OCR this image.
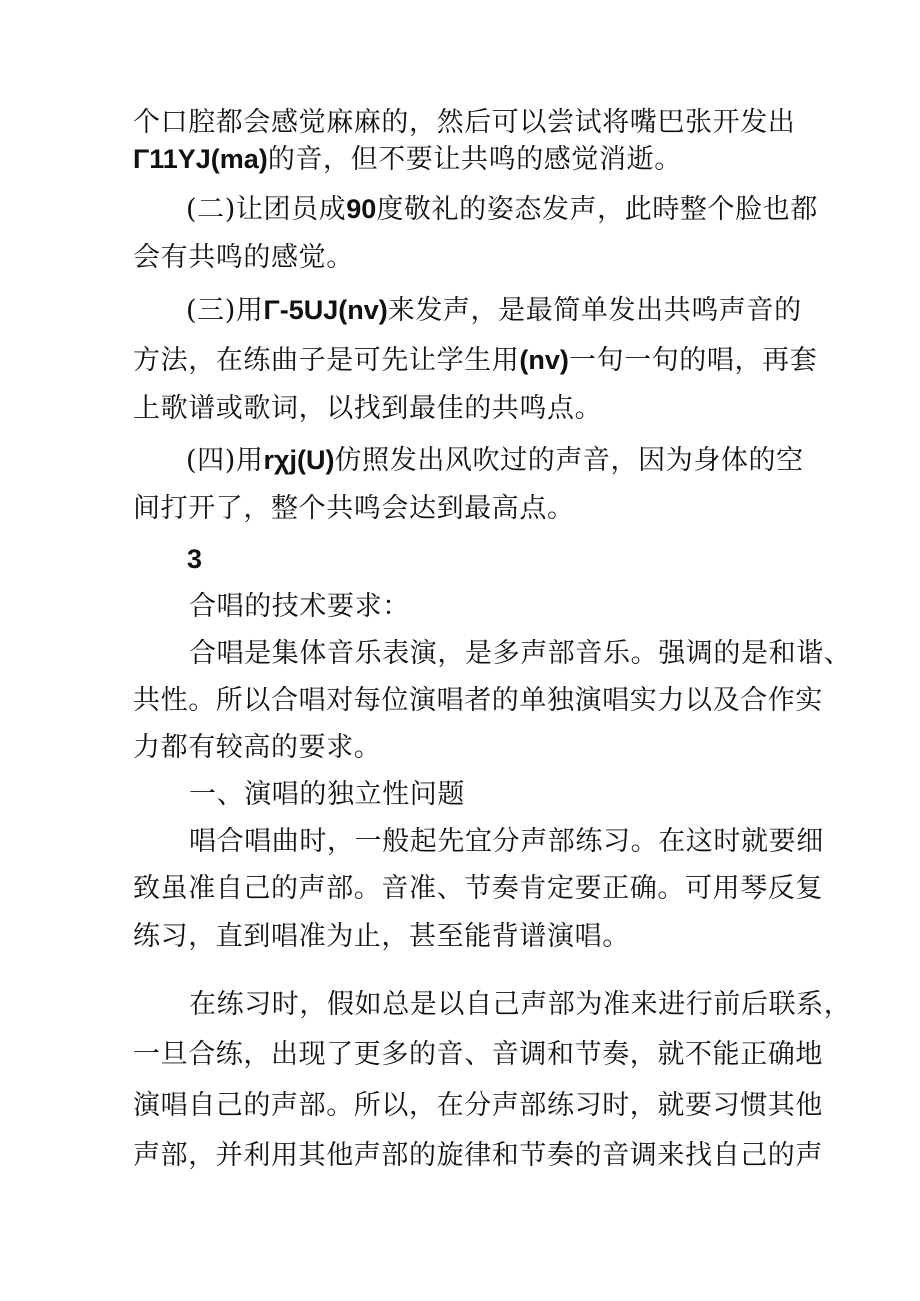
个口腔都会感觉麻麻的，然后可以尝试将嘴巴张开发出
Γ11YJ(ma)的音，但不要让共鸣的感觉消逝。
(二)让团员成90度敬礼的姿态发声，此時整个脸也都
会有共鸣的感觉。
(三)用Γ-5UJ(nv)来发声，是最简单发出共鸣声音的
方法，在练曲子是可先让学生用(nv)一句一句的唱，再套
上歌谱或歌词，以找到最佳的共鸣点。
(四)用rχj(U)仿照发出风吹过的声音，因为身体的空
间打开了，整个共鸣会达到最高点。
3
合唱的技术要求：
合唱是集体音乐表演，是多声部音乐。强调的是和谐、
共性。所以合唱对每位演唱者的单独演唱实力以及合作实
力都有较高的要求。
一、演唱的独立性问题
唱合唱曲时，一般起先宜分声部练习。在这时就要细
致虽准自己的声部。音准、节奏肯定要正确。可用琴反复
练习，直到唱准为止，甚至能背谱演唱。
在练习时，假如总是以自己声部为准来进行前后联系，
一旦合练，出现了更多的音、音调和节奏，就不能正确地
演唱自己的声部。所以，在分声部练习时，就要习惯其他
声部，并利用其他声部的旋律和节奏的音调来找自己的声
